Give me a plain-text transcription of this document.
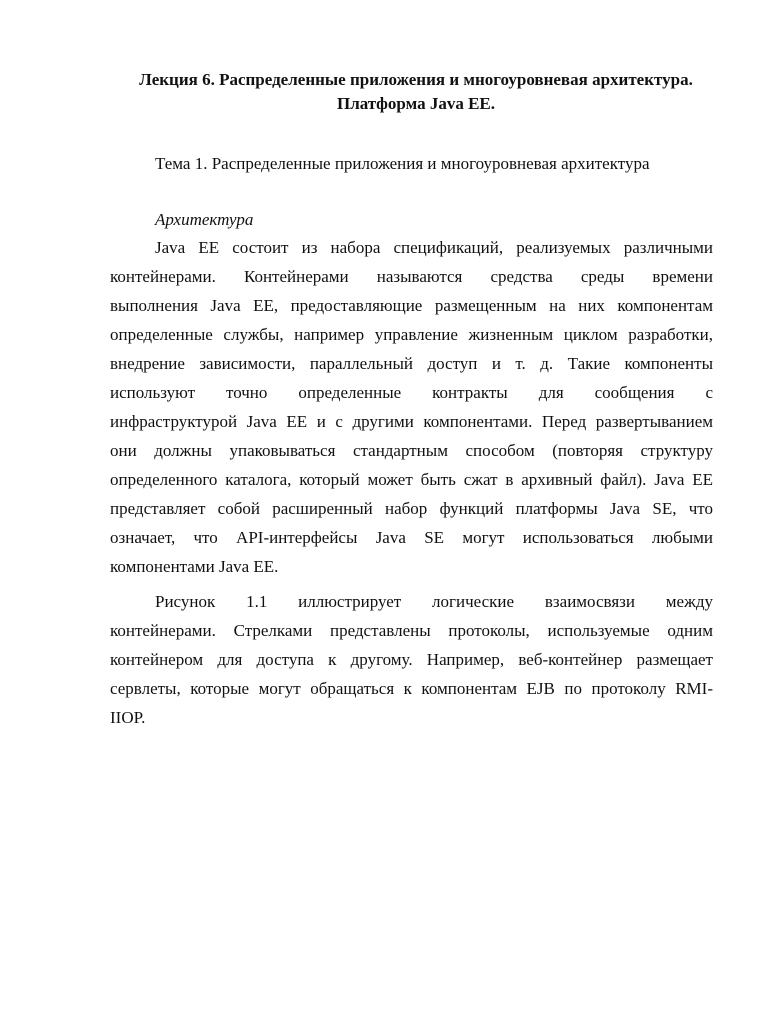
Лекция 6. Распределенные приложения и многоуровневая архитектура.

Платформа Java EE.

Тема 1. Распределенные приложения и многоуровневая архитектура

Архитектура

Java EE состоит из набора спецификаций, реализуемых различными
контейнерами. Контейнерами называются средства среды времени
выполнения Java EE, предоставляющие размещенным на них компонентам
определенные службы, например управление жизненным циклом разработки,
внедрение зависимости, параллельный доступ и т. д. Такие компоненты
используют точно определенные контракты для сообщения с
инфраструктурой Java EE и с другими компонентами. Перед развертыванием
они должны упаковываться стандартным способом (повторяя структуру
определенного каталога, который может быть сжат в архивный файл). Java EE
представляет собой расширенный набор функций платформы Java SE, что
означает, что API-интерфейсы Java SE могут использоваться любыми
компонентами Java EE.
Рисунок 1.1 иллюстрирует логические взаимосвязи между
контейнерами. Стрелками представлены протоколы, используемые одним
контейнером для доступа к другому. Например, веб-контейнер размещает
сервлеты, которые могут обращаться к компонентам EJB по протоколу RMI-
IIOP.
